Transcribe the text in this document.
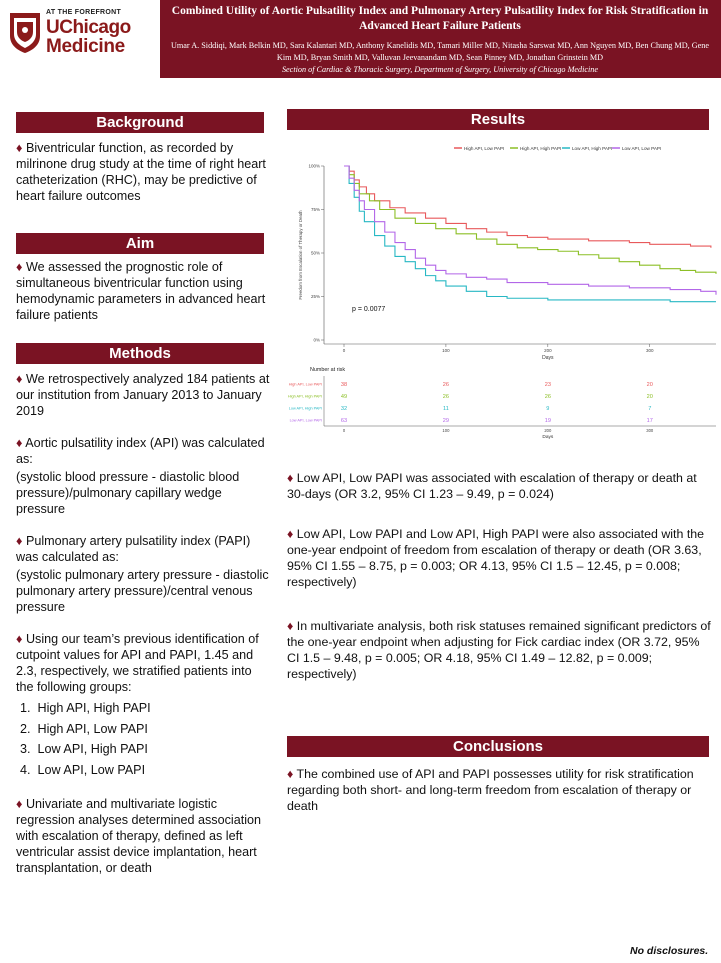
AT THE FOREFRONT
UChicago
Medicine
Combined Utility of Aortic Pulsatility Index and Pulmonary Artery Pulsatility Index for Risk Stratification in Advanced Heart Failure Patients
Umar A. Siddiqi, Mark Belkin MD, Sara Kalantari MD, Anthony Kanelidis MD, Tamari Miller MD, Nitasha Sarswat MD, Ann Nguyen MD, Ben Chung MD, Gene Kim MD, Bryan Smith MD, Valluvan Jeevanandam MD, Sean Pinney MD, Jonathan Grinstein MD
Section of Cardiac & Thoracic Surgery, Department of Surgery, University of Chicago Medicine
Background
♦ Biventricular function, as recorded by milrinone drug study at the time of right heart catheterization (RHC), may be predictive of heart failure outcomes
Aim
♦ We assessed the prognostic role of simultaneous biventricular function using hemodynamic parameters in advanced heart failure patients
Methods
♦ We retrospectively analyzed 184 patients at our institution from January 2013 to January 2019
♦ Aortic pulsatility index (API) was calculated as:
(systolic blood pressure - diastolic blood pressure)/pulmonary capillary wedge pressure
♦ Pulmonary artery pulsatility index (PAPI) was calculated as:
(systolic pulmonary artery pressure - diastolic pulmonary artery pressure)/central venous pressure
♦ Using our team’s previous identification of cutpoint values for API and PAPI, 1.45 and 2.3, respectively, we stratified patients into the following groups:
1.  High API, High PAPI
2.  High API, Low PAPI
3.  Low API, High PAPI
4.  Low API, Low PAPI
♦ Univariate and multivariate logistic regression analyses determined association with escalation of therapy, defined as left ventricular assist device implantation, heart transplantation, or death
Results
High API, Low PAPI	High API, High PAPI Low API, High PAPI Low API, Low PAPI
0%
25%
50%
75%
100%
Freedom from Escalation of Therapy or Death
0	100	200	300
Days
p = 0.0077
Number at risk
High API, Low PAPI	38	26	23	20
High API, High PAPI	49	26	26	20
Low API, High PAPI	32	11	9	7
Low API, Low PAPI	63	29	19	17
0	100	200	300
Days
♦ Low API, Low PAPI was associated with escalation of therapy or death at 30-days (OR 3.2, 95% CI 1.23 – 9.49, p = 0.024)
♦ Low API, Low PAPI and Low API, High PAPI were also associated with the one-year endpoint of freedom from escalation of therapy or death (OR 3.63, 95% CI 1.55 – 8.75, p = 0.003; OR 4.13, 95% CI 1.5 – 12.45, p = 0.008; respectively)
♦ In multivariate analysis, both risk statuses remained significant predictors of the one-year endpoint when adjusting for Fick cardiac index (OR 3.72, 95% CI 1.5 – 9.48, p = 0.005; OR 4.18, 95% CI 1.49 – 12.82, p = 0.009; respectively)
Conclusions
♦ The combined use of API and PAPI possesses utility for risk stratification regarding both short- and long-term freedom from escalation of therapy or death
No disclosures.
